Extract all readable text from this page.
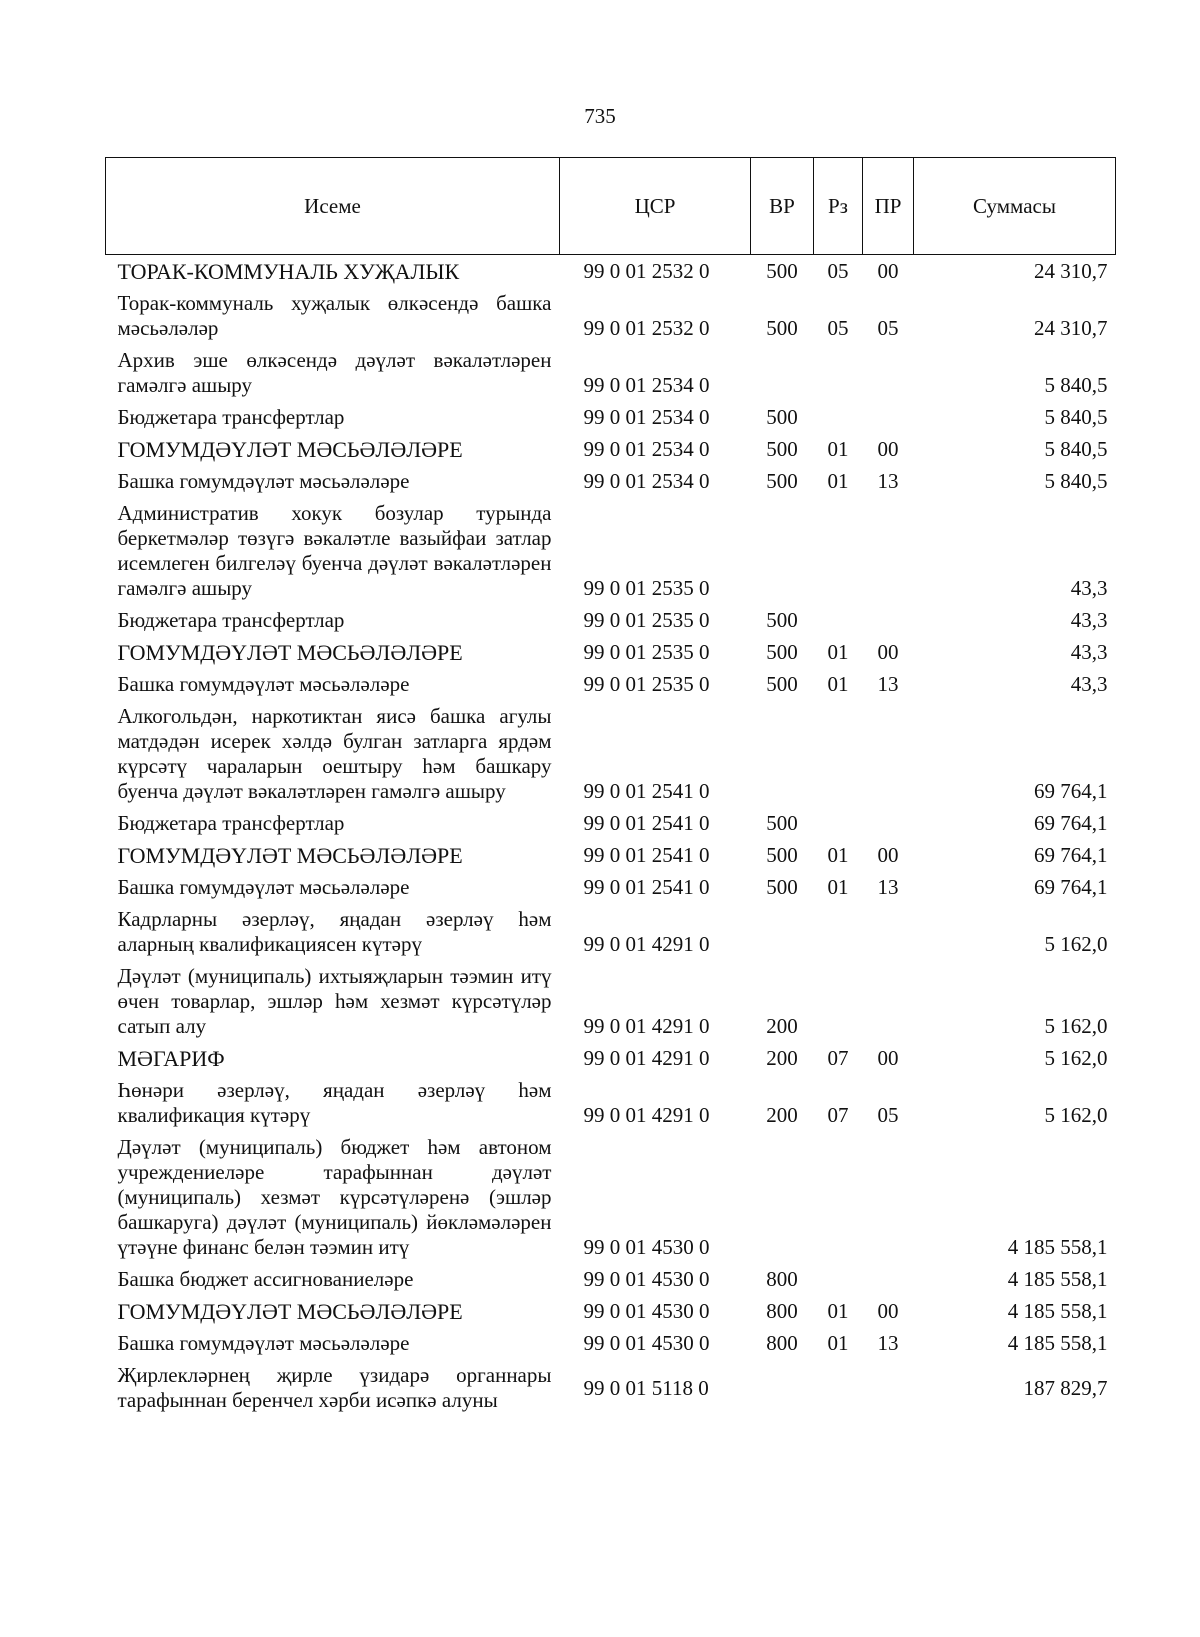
735
Исеме	ЦСР	ВР	Рз	ПР	Суммасы
ТОРАК-КОММУНАЛЬ ХУҖАЛЫК	99 0 01 2532 0	500	05	00	24 310,7
Торак-коммуналь хуҗалык өлкәсендә башка мәсьәләләр	99 0 01 2532 0	500	05	05	24 310,7
Архив эше өлкәсендә дәүләт вәкаләтләрен гамәлгә ашыру	99 0 01 2534 0				5 840,5
Бюджетара трансфертлар	99 0 01 2534 0	500			5 840,5
ГОМУМДӘҮЛӘТ МӘСЬӘЛӘЛӘРЕ	99 0 01 2534 0	500	01	00	5 840,5
Башка гомумдәүләт мәсьәләләре	99 0 01 2534 0	500	01	13	5 840,5
Административ хокук бозулар турында беркетмәләр төзүгә вәкаләтле вазыйфаи затлар исемлеген билгеләү буенча дәүләт вәкаләтләрен гамәлгә ашыру	99 0 01 2535 0				43,3
Бюджетара трансфертлар	99 0 01 2535 0	500			43,3
ГОМУМДӘҮЛӘТ МӘСЬӘЛӘЛӘРЕ	99 0 01 2535 0	500	01	00	43,3
Башка гомумдәүләт мәсьәләләре	99 0 01 2535 0	500	01	13	43,3
Алкогольдән, наркотиктан яисә башка агулы матдәдән исерек хәлдә булган затларга ярдәм күрсәтү чараларын оештыру һәм башкару буенча дәүләт вәкаләтләрен гамәлгә ашыру	99 0 01 2541 0				69 764,1
Бюджетара трансфертлар	99 0 01 2541 0	500			69 764,1
ГОМУМДӘҮЛӘТ МӘСЬӘЛӘЛӘРЕ	99 0 01 2541 0	500	01	00	69 764,1
Башка гомумдәүләт мәсьәләләре	99 0 01 2541 0	500	01	13	69 764,1
Кадрларны әзерләү, яңадан әзерләү һәм аларның квалификациясен күтәрү	99 0 01 4291 0				5 162,0
Дәүләт (муниципаль) ихтыяҗларын тәэмин итү өчен товарлар, эшләр һәм хезмәт күрсәтүләр сатып алу	99 0 01 4291 0	200			5 162,0
МӘГАРИФ	99 0 01 4291 0	200	07	00	5 162,0
Һөнәри әзерләү, яңадан әзерләү һәм квалификация күтәрү	99 0 01 4291 0	200	07	05	5 162,0
Дәүләт (муниципаль) бюджет һәм автоном учреждениеләре тарафыннан дәүләт (муниципаль) хезмәт күрсәтүләренә (эшләр башкаруга) дәүләт (муниципаль) йөкләмәләрен үтәүне финанс белән тәэмин итү	99 0 01 4530 0				4 185 558,1
Башка бюджет ассигнованиеләре	99 0 01 4530 0	800			4 185 558,1
ГОМУМДӘҮЛӘТ МӘСЬӘЛӘЛӘРЕ	99 0 01 4530 0	800	01	00	4 185 558,1
Башка гомумдәүләт мәсьәләләре	99 0 01 4530 0	800	01	13	4 185 558,1
Җирлекләрнең җирле үзидарә органнары тарафыннан беренчел хәрби исәпкә алуны	99 0 01 5118 0				187 829,7
